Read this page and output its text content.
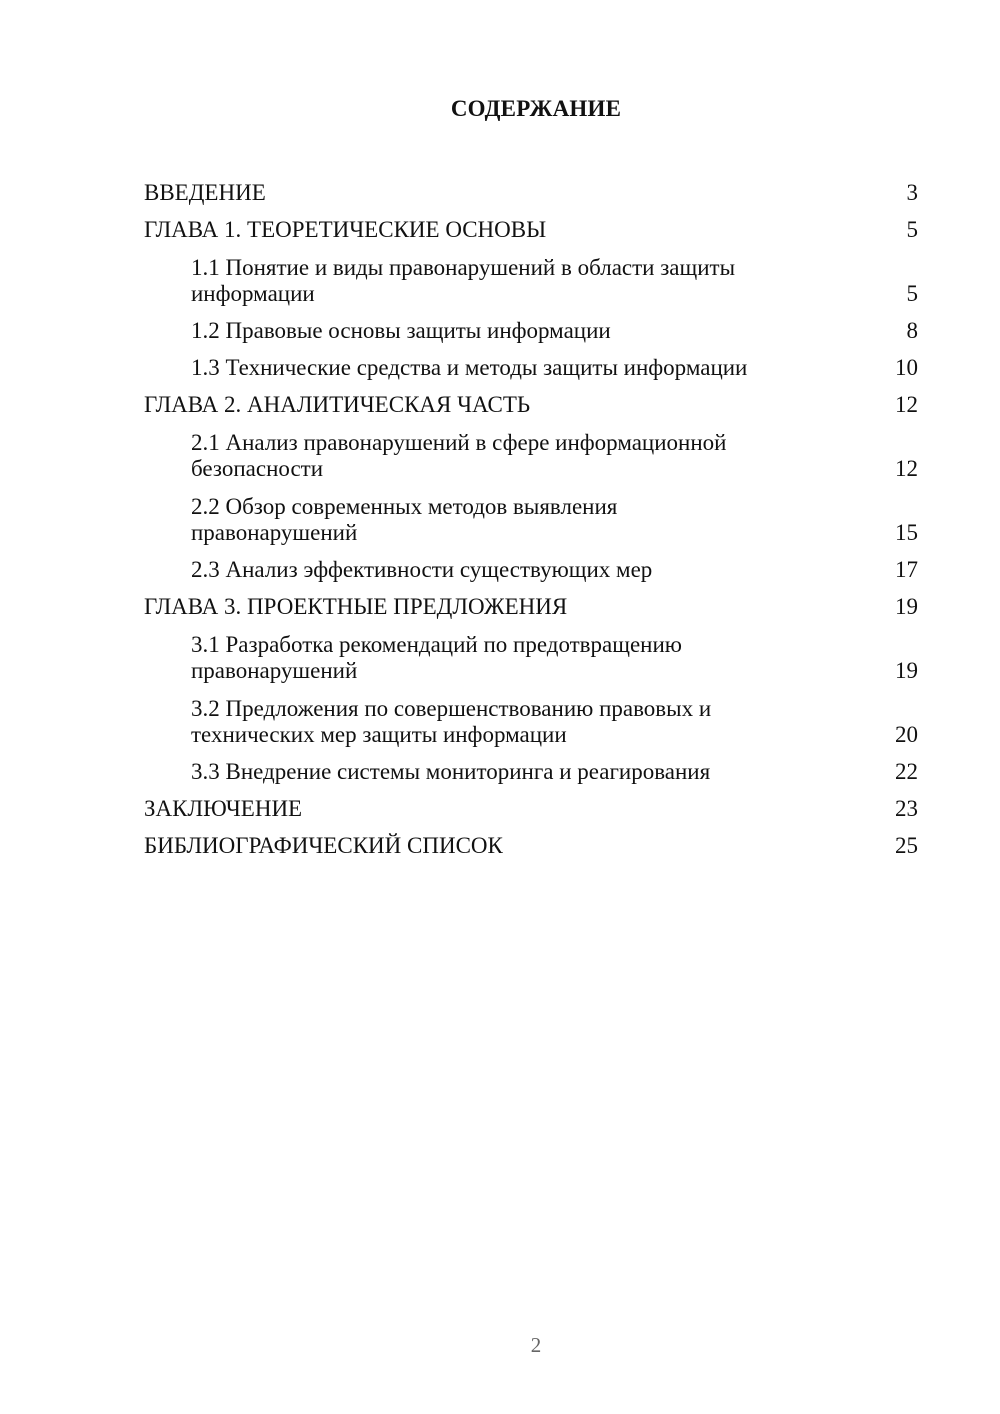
СОДЕРЖАНИЕ
ВВЕДЕНИЕ	3
ГЛАВА 1. ТЕОРЕТИЧЕСКИЕ ОСНОВЫ	5
1.1 Понятие и виды правонарушений в области защиты информации	5
1.2 Правовые основы защиты информации	8
1.3 Технические средства и методы защиты информации	10
ГЛАВА 2. АНАЛИТИЧЕСКАЯ ЧАСТЬ	12
2.1 Анализ правонарушений в сфере информационной безопасности	12
2.2 Обзор современных методов выявления правонарушений	15
2.3 Анализ эффективности существующих мер	17
ГЛАВА 3. ПРОЕКТНЫЕ ПРЕДЛОЖЕНИЯ	19
3.1 Разработка рекомендаций по предотвращению правонарушений	19
3.2 Предложения по совершенствованию правовых и технических мер защиты информации	20
3.3 Внедрение системы мониторинга и реагирования	22
ЗАКЛЮЧЕНИЕ	23
БИБЛИОГРАФИЧЕСКИЙ СПИСОК	25
2
